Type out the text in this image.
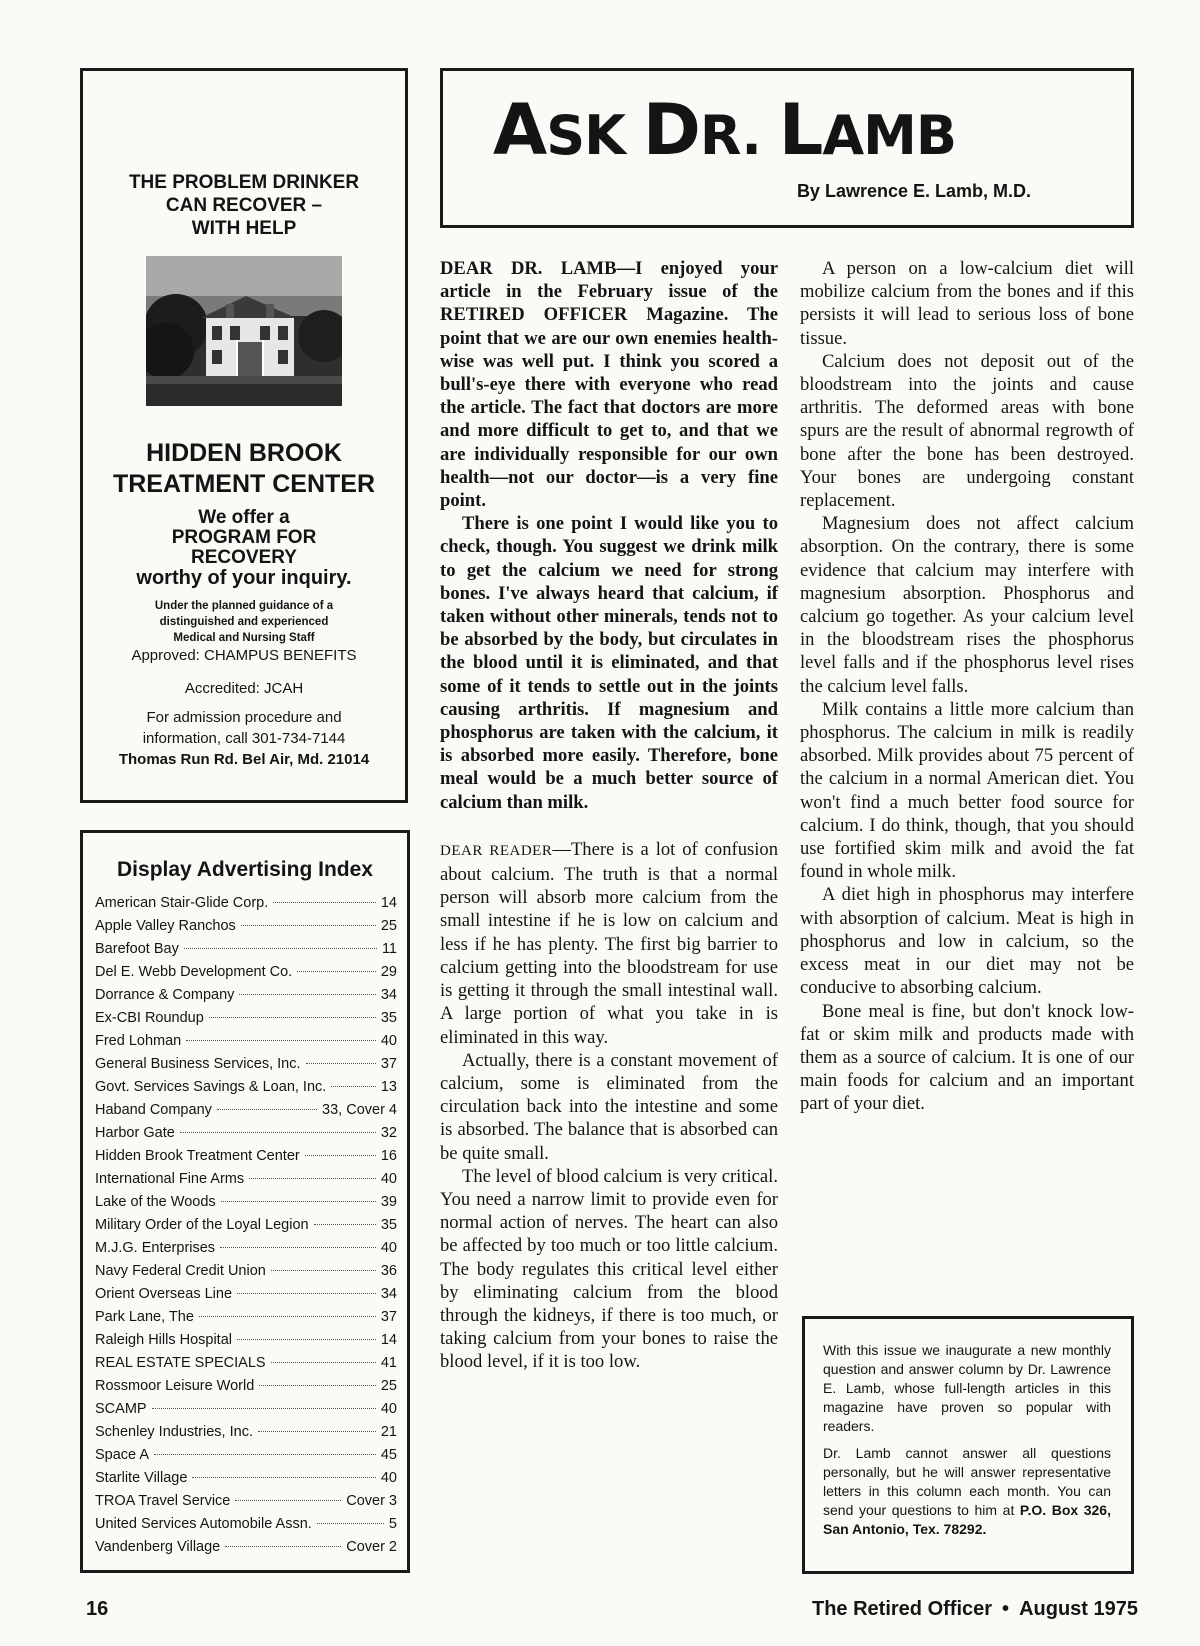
THE PROBLEM DRINKER
CAN RECOVER –
WITH HELP
HIDDEN BROOK
TREATMENT CENTER
We offer a
PROGRAM FOR
RECOVERY
worthy of your inquiry.
Under the planned guidance of a
distinguished and experienced
Medical and Nursing Staff
Approved: CHAMPUS BENEFITS
Accredited: JCAH
For admission procedure and
information, call 301-734-7144
Thomas Run Rd. Bel Air, Md. 21014
Display Advertising Index
American Stair-Glide Corp.	14
Apple Valley Ranchos	25
Barefoot Bay	11
Del E. Webb Development Co.	29
Dorrance & Company	34
Ex-CBI Roundup	35
Fred Lohman	40
General Business Services, Inc.	37
Govt. Services Savings & Loan, Inc.	13
Haband Company	33, Cover 4
Harbor Gate	32
Hidden Brook Treatment Center	16
International Fine Arms	40
Lake of the Woods	39
Military Order of the Loyal Legion	35
M.J.G. Enterprises	40
Navy Federal Credit Union	36
Orient Overseas Line	34
Park Lane, The	37
Raleigh Hills Hospital	14
REAL ESTATE SPECIALS	41
Rossmoor Leisure World	25
SCAMP	40
Schenley Industries, Inc.	21
Space A	45
Starlite Village	40
TROA Travel Service	Cover 3
United Services Automobile Assn.	5
Vandenberg Village	Cover 2
ASK DR. LAMB
By Lawrence E. Lamb, M.D.

DEAR DR. LAMB—I enjoyed your article in the February issue of the RETIRED OFFICER Magazine. The point that we are our own enemies health-wise was well put. I think you scored a bull's-eye there with everyone who read the article. The fact that doctors are more and more difficult to get to, and that we are individually responsible for our own health—not our doctor—is a very fine point.

There is one point I would like you to check, though. You suggest we drink milk to get the calcium we need for strong bones. I've always heard that calcium, if taken without other minerals, tends not to be absorbed by the body, but circulates in the blood until it is eliminated, and that some of it tends to settle out in the joints causing arthritis. If magnesium and phosphorus are taken with the calcium, it is absorbed more easily. Therefore, bone meal would be a much better source of calcium than milk.

DEAR READER—There is a lot of confusion about calcium. The truth is that a normal person will absorb more calcium from the small intestine if he is low on calcium and less if he has plenty. The first big barrier to calcium getting into the bloodstream for use is getting it through the small intestinal wall. A large portion of what you take in is eliminated in this way.

Actually, there is a constant movement of calcium, some is eliminated from the circulation back into the intestine and some is absorbed. The balance that is absorbed can be quite small.

The level of blood calcium is very critical. You need a narrow limit to provide even for normal action of nerves. The heart can also be affected by too much or too little calcium. The body regulates this critical level either by eliminating calcium from the blood through the kidneys, if there is too much, or taking calcium from your bones to raise the blood level, if it is too low.

A person on a low-calcium diet will mobilize calcium from the bones and if this persists it will lead to serious loss of bone tissue.

Calcium does not deposit out of the bloodstream into the joints and cause arthritis. The deformed areas with bone spurs are the result of abnormal regrowth of bone after the bone has been destroyed. Your bones are undergoing constant replacement.

Magnesium does not affect calcium absorption. On the contrary, there is some evidence that calcium may interfere with magnesium absorption. Phosphorus and calcium go together. As your calcium level in the bloodstream rises the phosphorus level falls and if the phosphorus level rises the calcium level falls.

Milk contains a little more calcium than phosphorus. The calcium in milk is readily absorbed. Milk provides about 75 percent of the calcium in a normal American diet. You won't find a much better food source for calcium. I do think, though, that you should use fortified skim milk and avoid the fat found in whole milk.

A diet high in phosphorus may interfere with absorption of calcium. Meat is high in phosphorus and low in calcium, so the excess meat in our diet may not be conducive to absorbing calcium.

Bone meal is fine, but don't knock low-fat or skim milk and products made with them as a source of calcium. It is one of our main foods for calcium and an important part of your diet.

With this issue we inaugurate a new monthly question and answer column by Dr. Lawrence E. Lamb, whose full-length articles in this magazine have proven so popular with readers.

Dr. Lamb cannot answer all questions personally, but he will answer representative letters in this column each month. You can send your questions to him at P.O. Box 326, San Antonio, Tex. 78292.

16	The Retired Officer • August 1975
